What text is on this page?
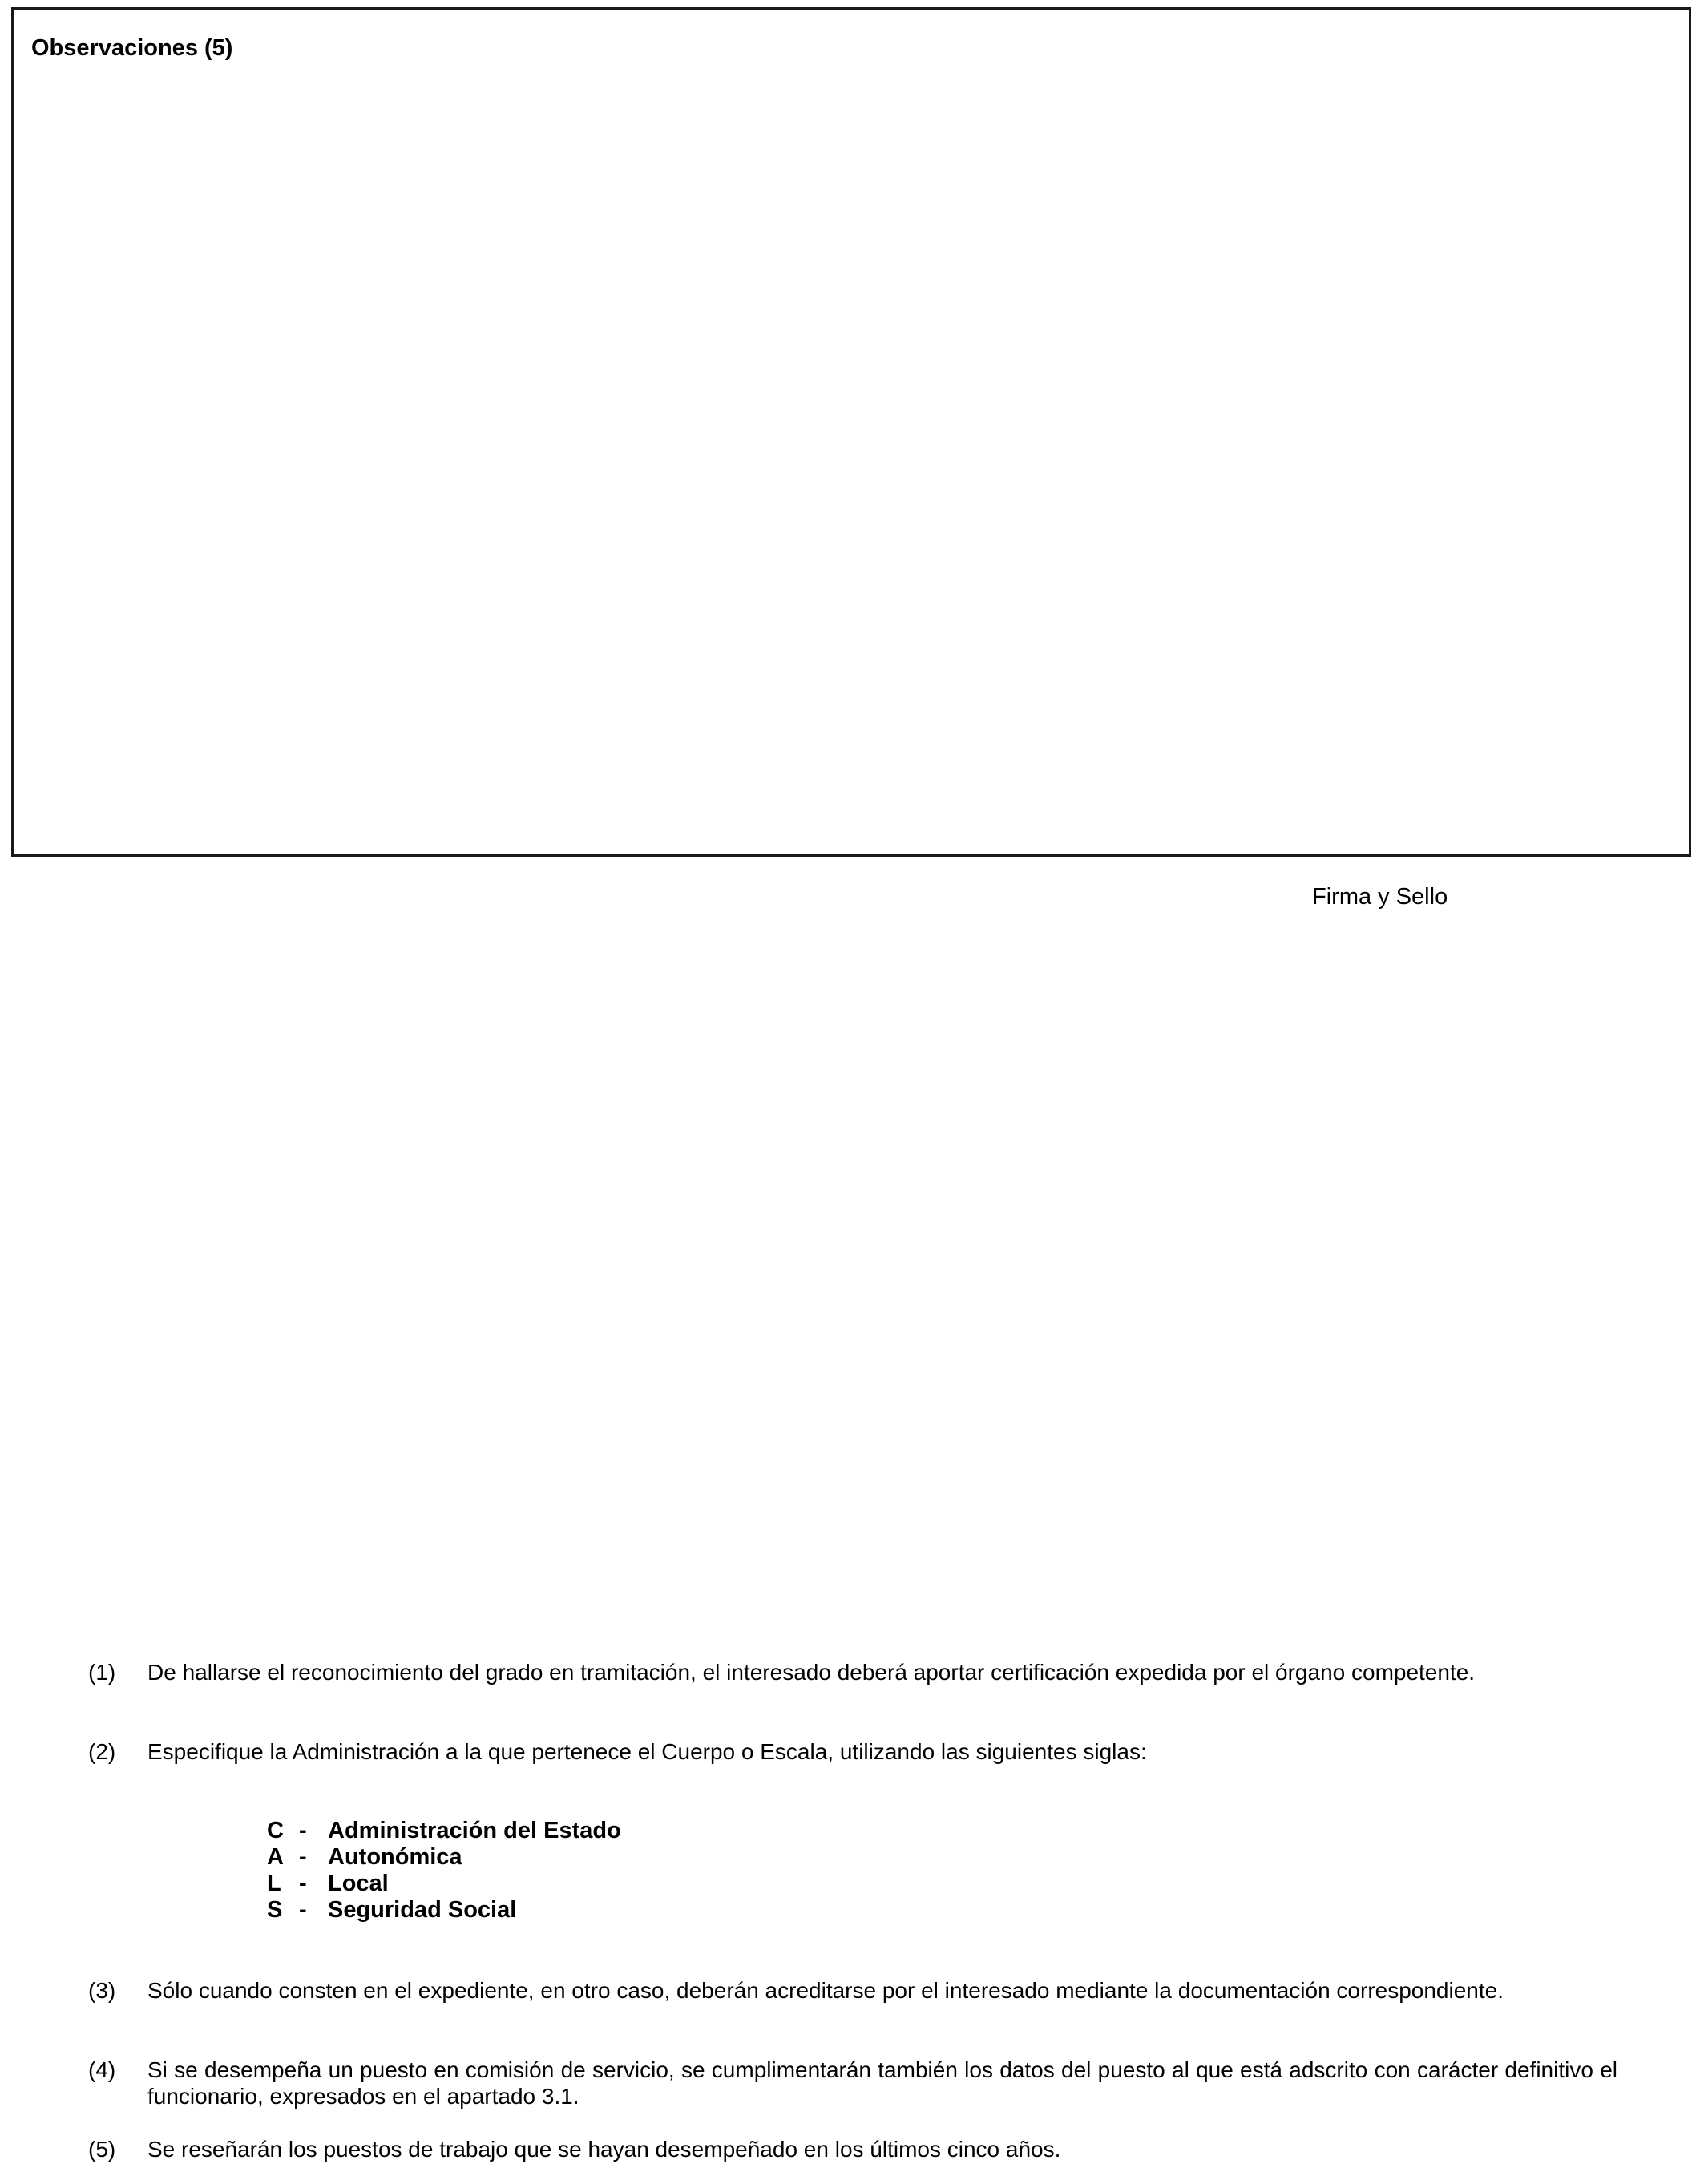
Observaciones (5)
Firma y Sello
(1) De hallarse el reconocimiento del grado en tramitación, el interesado deberá aportar certificación expedida por el órgano competente.
(2) Especifique la Administración a la que pertenece el Cuerpo o Escala, utilizando las siguientes siglas:
C - Administración del Estado
A - Autonómica
L - Local
S - Seguridad Social
(3) Sólo cuando consten en el expediente, en otro caso, deberán acreditarse por el interesado mediante la documentación correspondiente.
(4) Si se desempeña un puesto en comisión de servicio, se cumplimentarán también los datos del puesto al que está adscrito con carácter definitivo el funcionario, expresados en el apartado 3.1.
(5) Se reseñarán los puestos de trabajo que se hayan desempeñado en los últimos cinco años.
